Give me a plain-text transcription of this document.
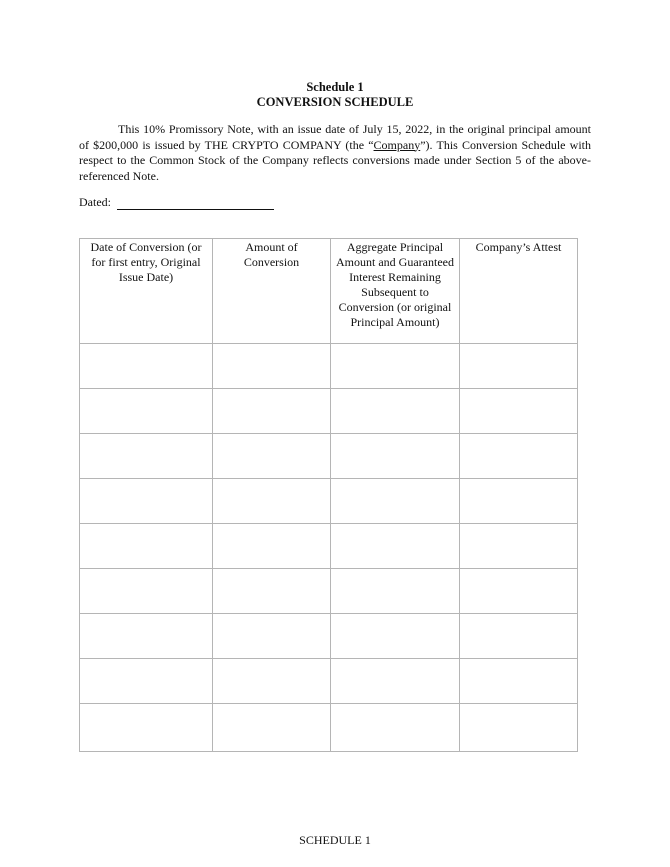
Schedule 1
CONVERSION SCHEDULE
This 10% Promissory Note, with an issue date of July 15, 2022, in the original principal amount of $200,000 is issued by THE CRYPTO COMPANY (the “Company”). This Conversion Schedule with respect to the Common Stock of the Company reflects conversions made under Section 5 of the above-referenced Note.
Dated:
Date of Conversion (or for first entry, Original Issue Date)	Amount of Conversion	Aggregate Principal Amount and Guaranteed Interest Remaining Subsequent to Conversion (or original Principal Amount)	Company’s Attest

SCHEDULE 1
